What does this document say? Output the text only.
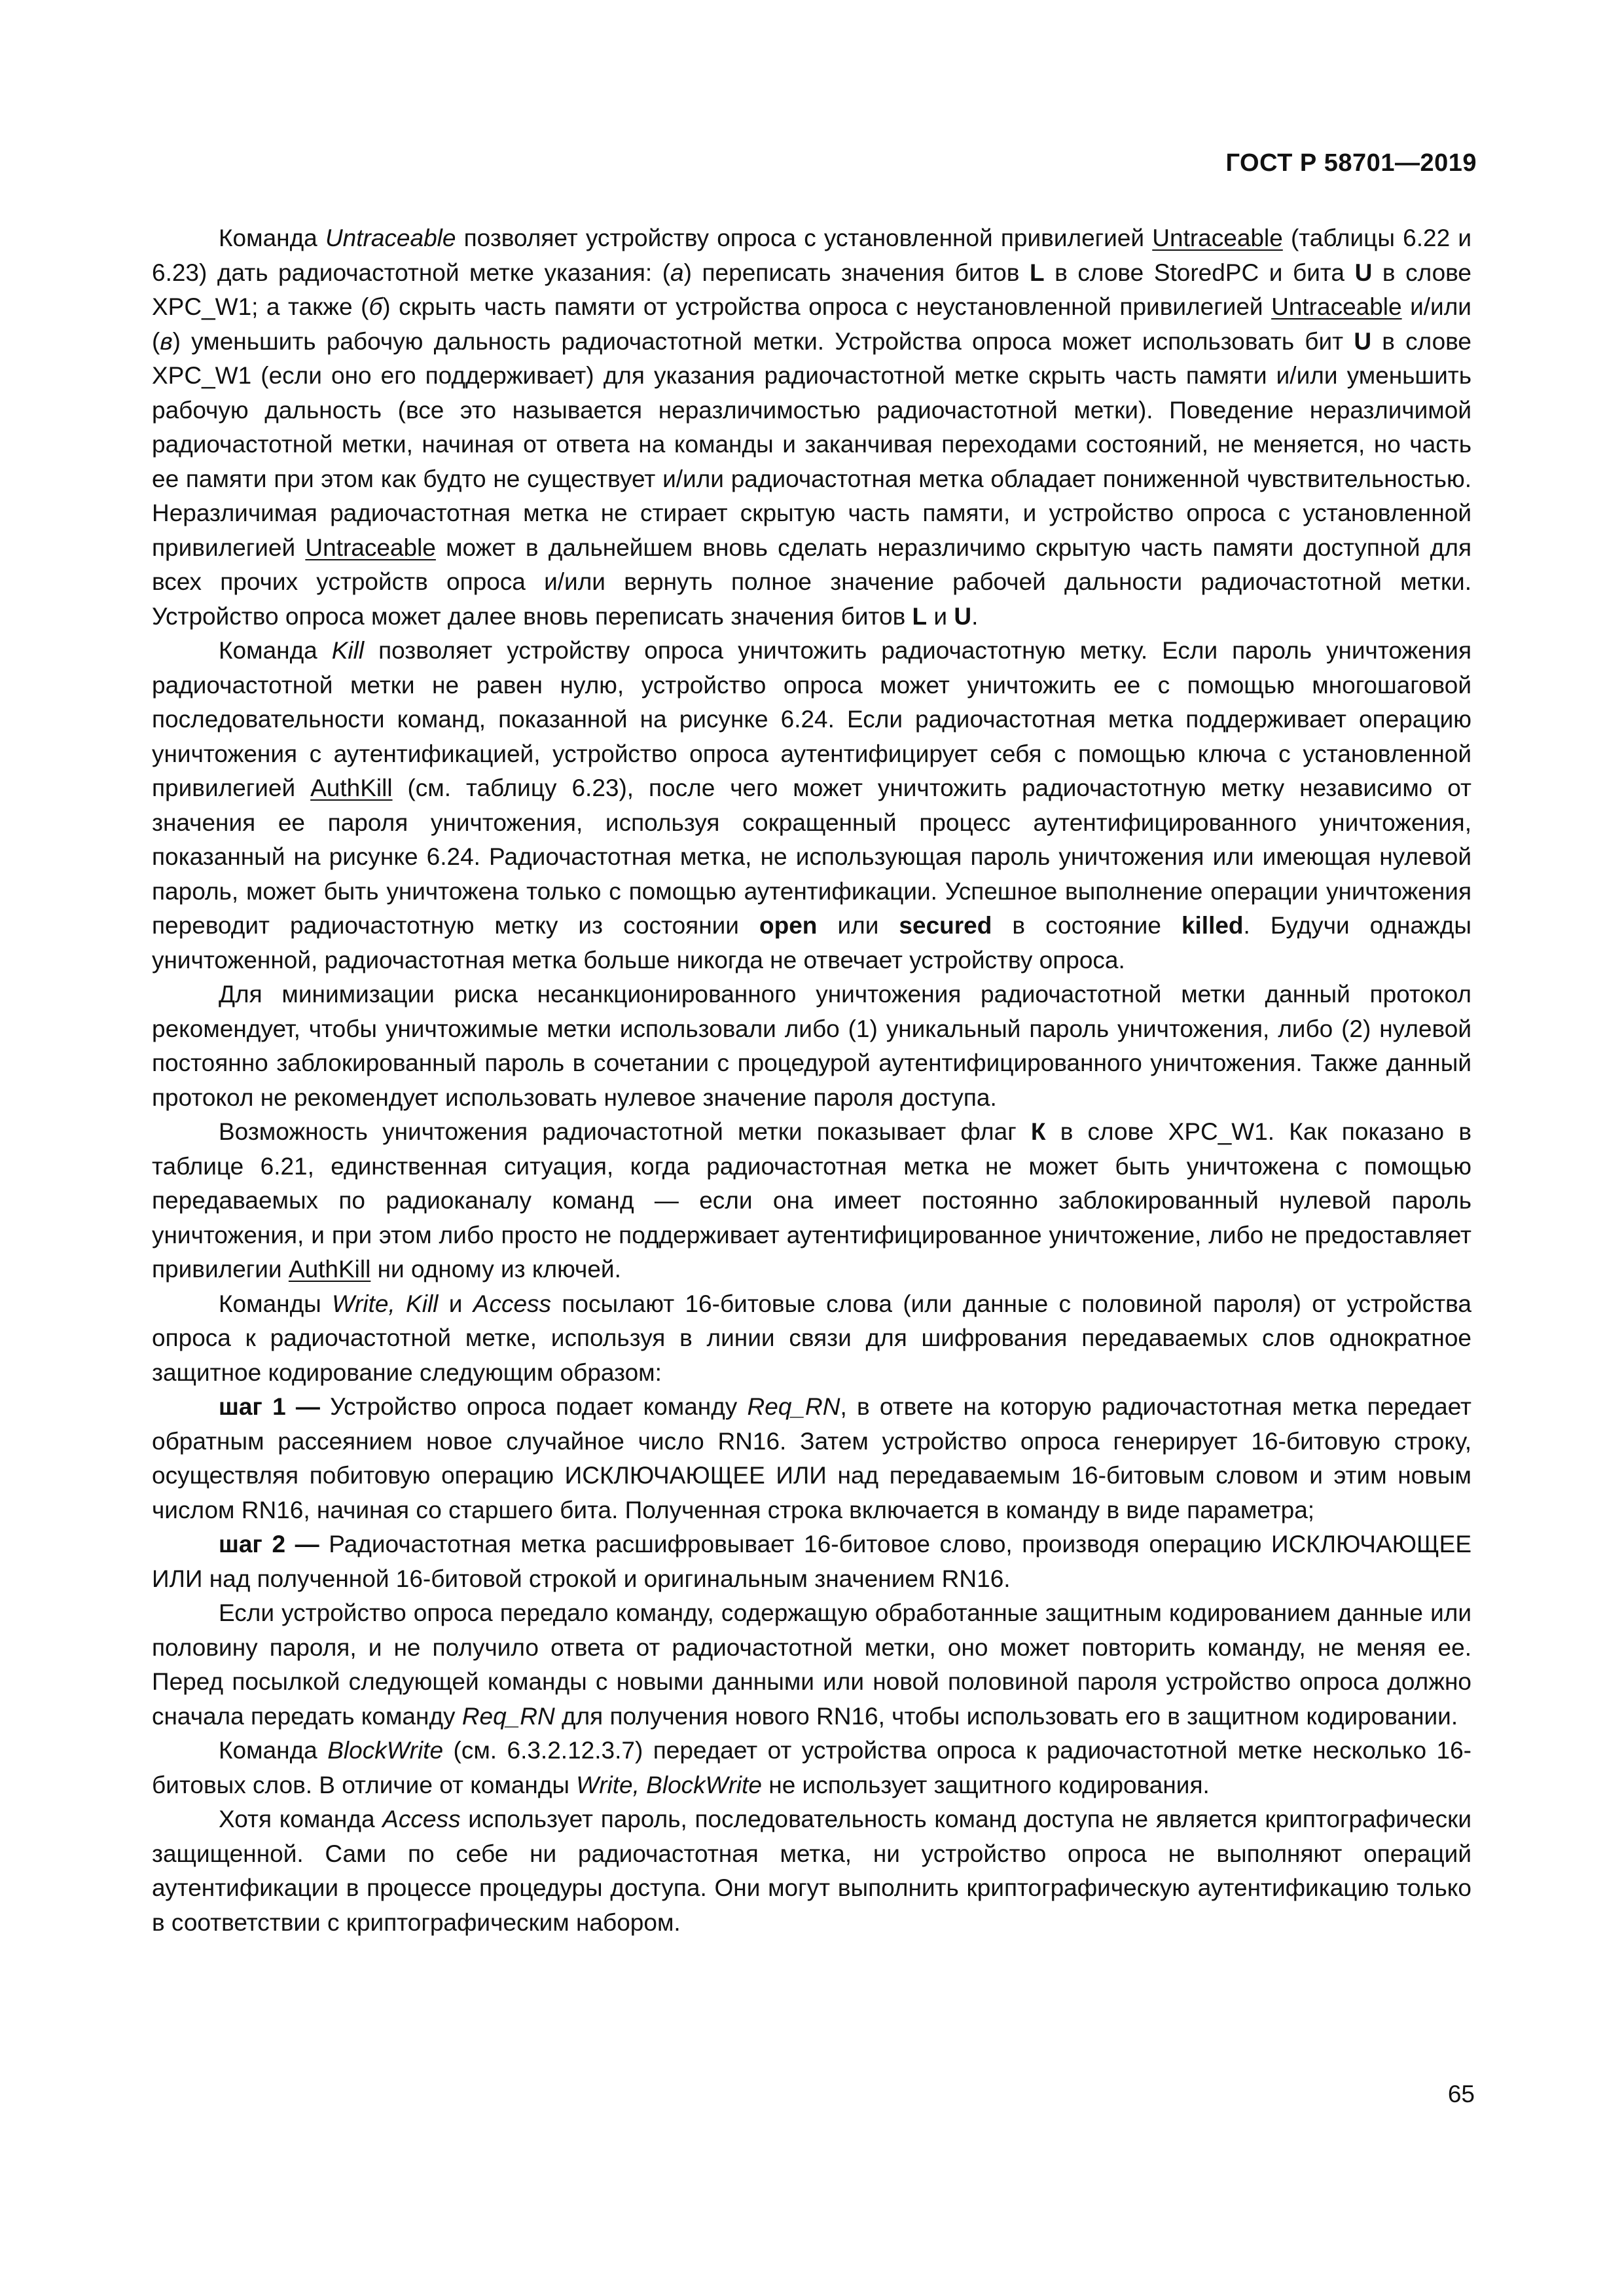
ГОСТ Р 58701—2019

Команда Untraceable позволяет устройству опроса с установленной привилегией Untraceable (таблицы 6.22 и 6.23) дать радиочастотной метке указания: (а) переписать значения битов L в слове StoredPC и бита U в слове XPC_W1; а также (б) скрыть часть памяти от устройства опроса с неустановленной привилегией Untraceable и/или (в) уменьшить рабочую дальность радиочастотной метки. Устройства опроса может использовать бит U в слове XPC_W1 (если оно его поддерживает) для указания радиочастотной метке скрыть часть памяти и/или уменьшить рабочую дальность (все это называется неразличимостью радиочастотной метки). Поведение неразличимой радиочастотной метки, начиная от ответа на команды и заканчивая переходами состояний, не меняется, но часть ее памяти при этом как будто не существует и/или радиочастотная метка обладает пониженной чувствительностью. Неразличимая радиочастотная метка не стирает скрытую часть памяти, и устройство опроса с установленной привилегией Untraceable может в дальнейшем вновь сделать неразличимо скрытую часть памяти доступной для всех прочих устройств опроса и/или вернуть полное значение рабочей дальности радиочастотной метки. Устройство опроса может далее вновь переписать значения битов L и U.

Команда Kill позволяет устройству опроса уничтожить радиочастотную метку. Если пароль уничтожения радиочастотной метки не равен нулю, устройство опроса может уничтожить ее с помощью многошаговой последовательности команд, показанной на рисунке 6.24. Если радиочастотная метка поддерживает операцию уничтожения с аутентификацией, устройство опроса аутентифицирует себя с помощью ключа с установленной привилегией AuthKill (см. таблицу 6.23), после чего может уничтожить радиочастотную метку независимо от значения ее пароля уничтожения, используя сокращенный процесс аутентифицированного уничтожения, показанный на рисунке 6.24. Радиочастотная метка, не использующая пароль уничтожения или имеющая нулевой пароль, может быть уничтожена только с помощью аутентификации. Успешное выполнение операции уничтожения переводит радиочастотную метку из состоянии open или secured в состояние killed. Будучи однажды уничтоженной, радиочастотная метка больше никогда не отвечает устройству опроса.

Для минимизации риска несанкционированного уничтожения радиочастотной метки данный протокол рекомендует, чтобы уничтожимые метки использовали либо (1) уникальный пароль уничтожения, либо (2) нулевой постоянно заблокированный пароль в сочетании с процедурой аутентифицированного уничтожения. Также данный протокол не рекомендует использовать нулевое значение пароля доступа.

Возможность уничтожения радиочастотной метки показывает флаг К в слове XPC_W1. Как показано в таблице 6.21, единственная ситуация, когда радиочастотная метка не может быть уничтожена с помощью передаваемых по радиоканалу команд — если она имеет постоянно заблокированный нулевой пароль уничтожения, и при этом либо просто не поддерживает аутентифицированное уничтожение, либо не предоставляет привилегии AuthKill ни одному из ключей.

Команды Write, Kill и Access посылают 16-битовые слова (или данные с половиной пароля) от устройства опроса к радиочастотной метке, используя в линии связи для шифрования передаваемых слов однократное защитное кодирование следующим образом:

шаг 1 — Устройство опроса подает команду Req_RN, в ответе на которую радиочастотная метка передает обратным рассеянием новое случайное число RN16. Затем устройство опроса генерирует 16-битовую строку, осуществляя побитовую операцию ИСКЛЮЧАЮЩЕЕ ИЛИ над передаваемым 16-битовым словом и этим новым числом RN16, начиная со старшего бита. Полученная строка включается в команду в виде параметра;

шаг 2 — Радиочастотная метка расшифровывает 16-битовое слово, производя операцию ИСКЛЮЧАЮЩЕЕ ИЛИ над полученной 16-битовой строкой и оригинальным значением RN16.

Если устройство опроса передало команду, содержащую обработанные защитным кодированием данные или половину пароля, и не получило ответа от радиочастотной метки, оно может повторить команду, не меняя ее. Перед посылкой следующей команды с новыми данными или новой половиной пароля устройство опроса должно сначала передать команду Req_RN для получения нового RN16, чтобы использовать его в защитном кодировании.

Команда BlockWrite (см. 6.3.2.12.3.7) передает от устройства опроса к радиочастотной метке несколько 16-битовых слов. В отличие от команды Write, BlockWrite не использует защитного кодирования.

Хотя команда Access использует пароль, последовательность команд доступа не является криптографически защищенной. Сами по себе ни радиочастотная метка, ни устройство опроса не выполняют операций аутентификации в процессе процедуры доступа. Они могут выполнить криптографическую аутентификацию только в соответствии с криптографическим набором.

65
